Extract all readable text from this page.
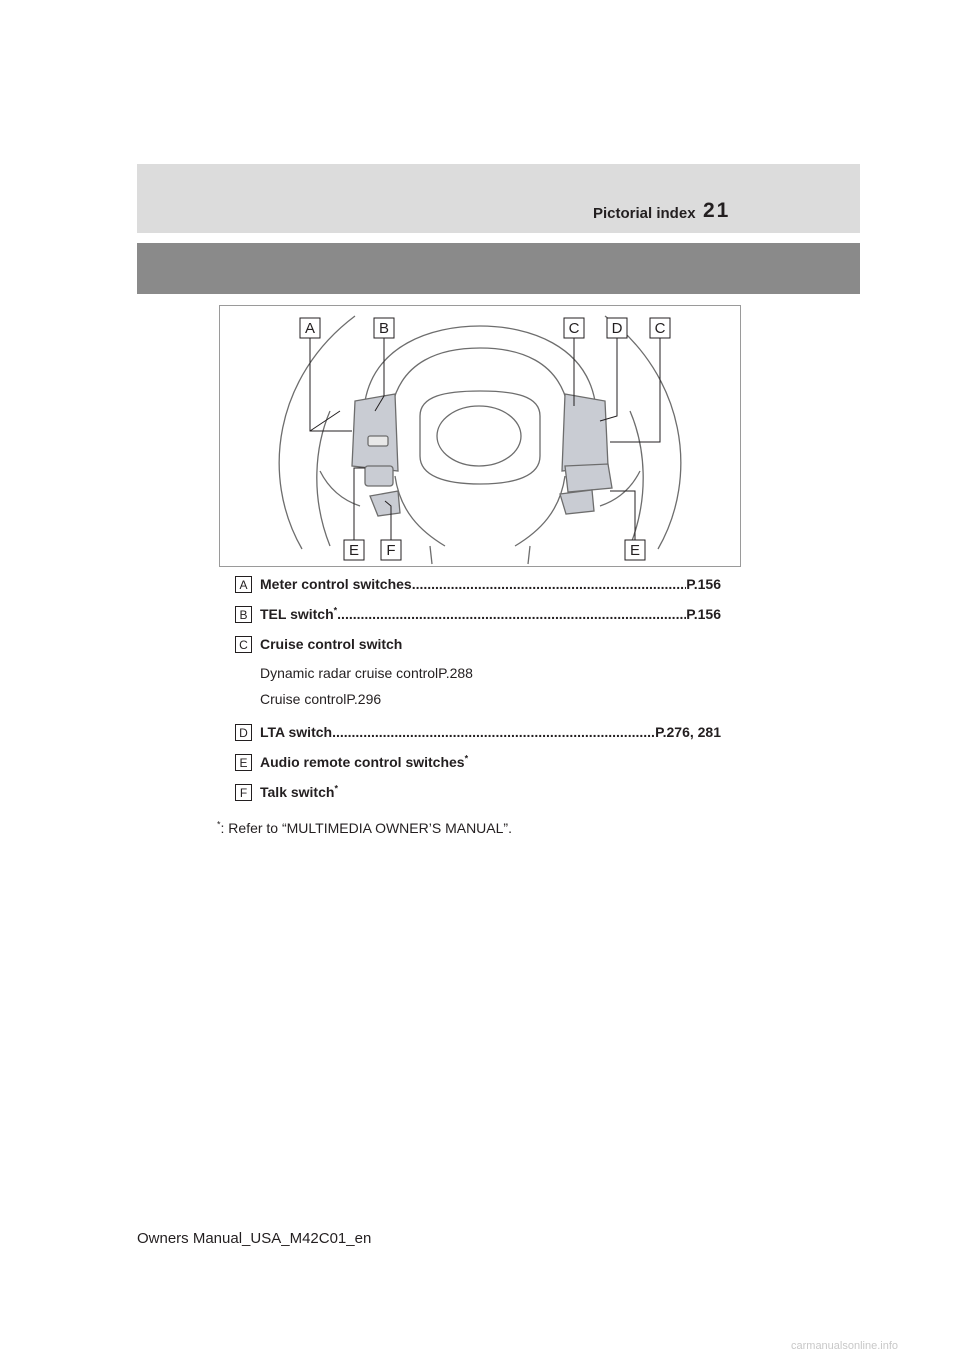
Pictorial index 21
A	B	C D C
E F	E
A Meter control switches .....	P.156
B TEL switch* .....	P.156
C Cruise control switch
Dynamic radar cruise control P.288
Cruise control P.296
D LTA switch .....	P.276, 281
E Audio remote control switches*
F Talk switch*
*: Refer to “MULTIMEDIA OWNER’S MANUAL”.
Owners Manual_USA_M42C01_en
carmanualsonline.info
